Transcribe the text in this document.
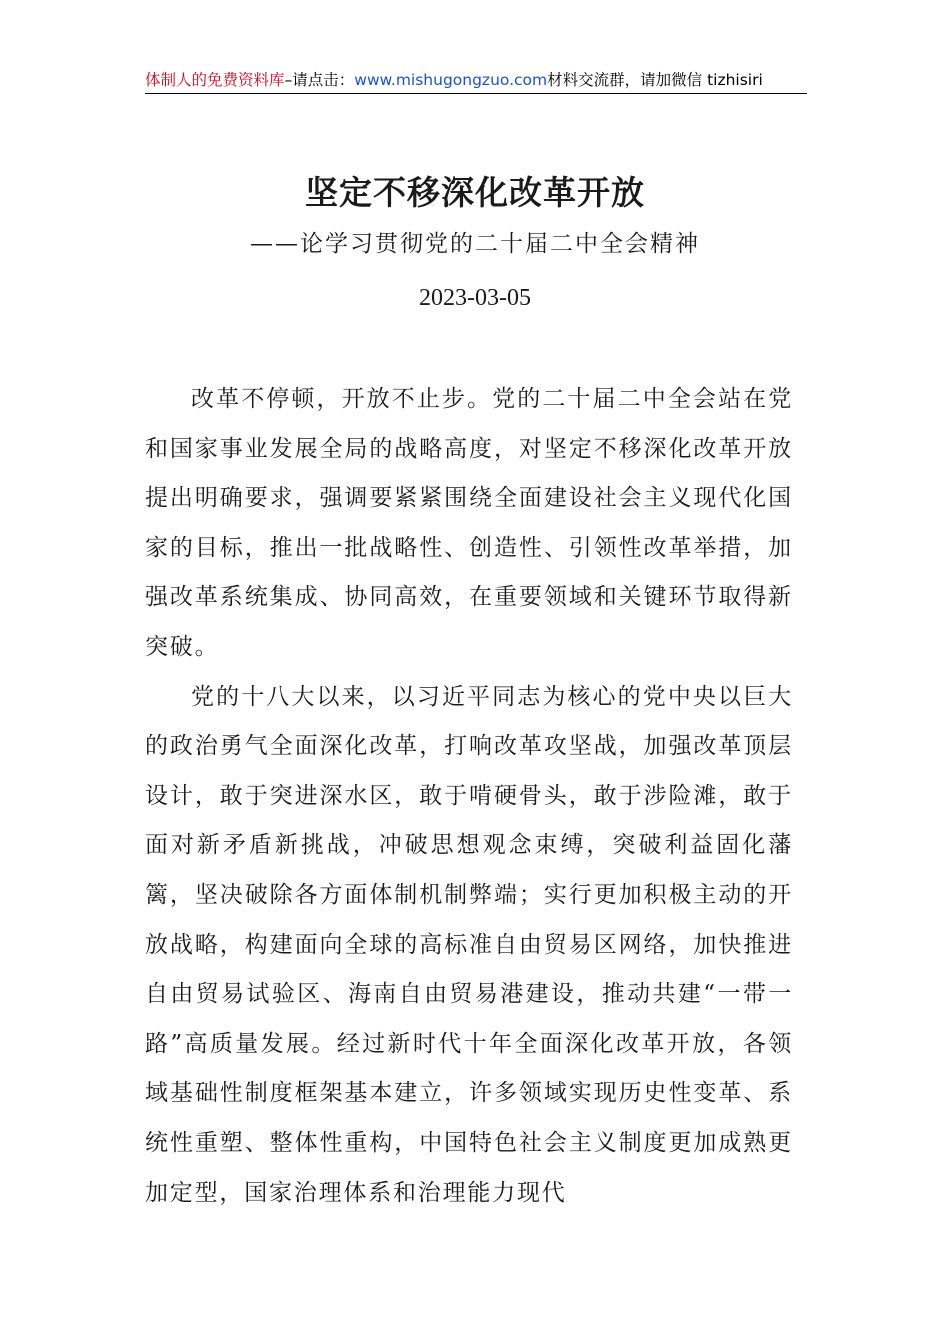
体制人的免费资料库–请点击：www.mishugongzuo.com材料交流群，请加微信 tizhisiri
坚定不移深化改革开放
——论学习贯彻党的二十届二中全会精神
2023-03-05

改革不停顿，开放不止步。党的二十届二中全会站在党和国家事业发展全局的战略高度，对坚定不移深化改革开放提出明确要求，强调要紧紧围绕全面建设社会主义现代化国家的目标，推出一批战略性、创造性、引领性改革举措，加强改革系统集成、协同高效，在重要领域和关键环节取得新突破。

党的十八大以来，以习近平同志为核心的党中央以巨大的政治勇气全面深化改革，打响改革攻坚战，加强改革顶层设计，敢于突进深水区，敢于啃硬骨头，敢于涉险滩，敢于面对新矛盾新挑战，冲破思想观念束缚，突破利益固化藩篱，坚决破除各方面体制机制弊端；实行更加积极主动的开放战略，构建面向全球的高标准自由贸易区网络，加快推进自由贸易试验区、海南自由贸易港建设，推动共建“一带一路”高质量发展。经过新时代十年全面深化改革开放，各领域基础性制度框架基本建立，许多领域实现历史性变革、系统性重塑、整体性重构，中国特色社会主义制度更加成熟更加定型，国家治理体系和治理能力现代
